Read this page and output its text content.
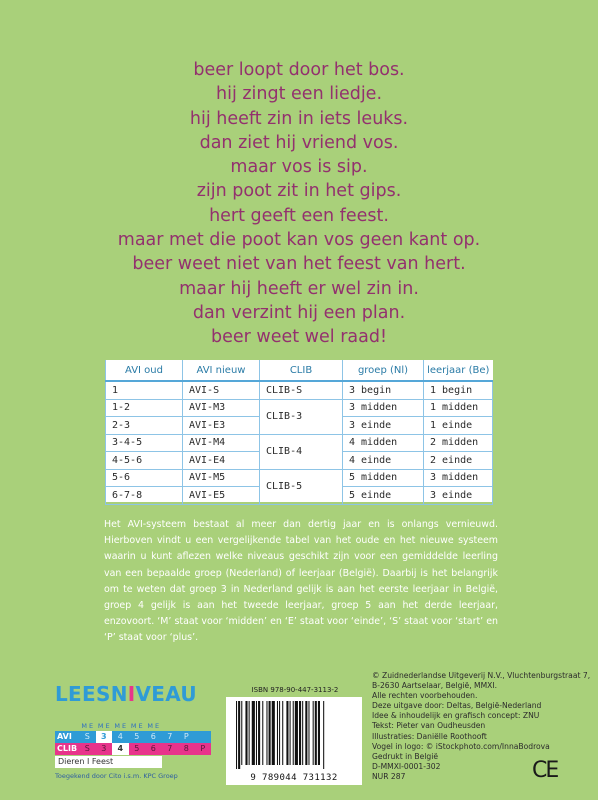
beer loopt door het bos.
hij zingt een liedje.
hij heeft zin in iets leuks.
dan ziet hij vriend vos.
maar vos is sip.
zijn poot zit in het gips.
hert geeft een feest.
maar met die poot kan vos geen kant op.
beer weet niet van het feest van hert.
maar hij heeft er wel zin in.
dan verzint hij een plan.
beer weet wel raad!
AVI oud	AVI nieuw	CLIB	groep (Nl)	leerjaar (Be)
1	AVI-S	CLIB-S	3 begin	1 begin
1-2	AVI-M3	CLIB-3	3 midden	1 midden
2-3	AVI-E3		3 einde	1 einde
3-4-5	AVI-M4	CLIB-4	4 midden	2 midden
4-5-6	AVI-E4		4 einde	2 einde
5-6	AVI-M5	CLIB-5	5 midden	3 midden
6-7-8	AVI-E5		5 einde	3 einde

Het AVI-systeem bestaat al meer dan dertig jaar en is onlangs vernieuwd. Hierboven vindt u een vergelijkende tabel van het oude en het nieuwe systeem waarin u kunt aflezen welke niveaus geschikt zijn voor een gemiddelde leerling van een bepaalde groep (Nederland) of leerjaar (België). Daarbij is het belangrijk om te weten dat groep 3 in Nederland gelijk is aan het eerste leerjaar in België, groep 4 gelijk is aan het tweede leerjaar, groep 5 aan het derde leerjaar, enzovoort. ‘M’ staat voor ‘midden’ en ‘E’ staat voor ‘einde’, ‘S’ staat voor ‘start’ en ‘P’ staat voor ‘plus’.

LEESNIVEAU
M E M E M E M E M E
AVI	S	3	4	5	6	7	P
CLIB S	3	4	5	6	7	8	P
Dieren I Feest
Toegekend door Cito i.s.m. KPC Groep
ISBN 978-90-447-3113-2
9 789044 731132
© Zuidnederlandse Uitgeverij N.V., Vluchtenburgstraat 7,
B-2630 Aartselaar, België, MMXI.
Alle rechten voorbehouden.
Deze uitgave door: Deltas, België-Nederland
Idee & inhoudelijk en grafisch concept: ZNU
Tekst: Pieter van Oudheusden
Illustraties: Daniëlle Roothooft
Vogel in logo: © iStockphoto.com/InnaBodrova
Gedrukt in België
D-MMXI-0001-302
NUR 287	CE
